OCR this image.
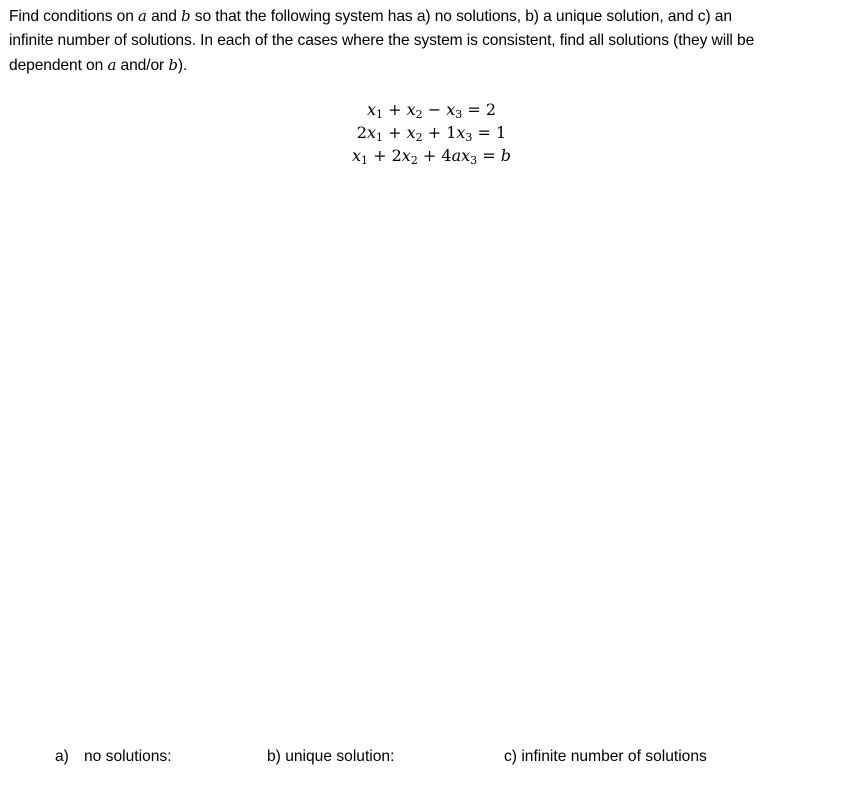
Find conditions on a and b so that the following system has a) no solutions, b) a unique solution, and c) an
infinite number of solutions. In each of the cases where the system is consistent, find all solutions (they will be
dependent on a and/or b).
$x_1 + x_2 - x_3 = 2$
$2x_1 + x_2 + 1x_3 = 1$
$x_1 + 2x_2 + 4ax_3 = b$
a) no solutions:	b) unique solution:	c) infinite number of solutions
